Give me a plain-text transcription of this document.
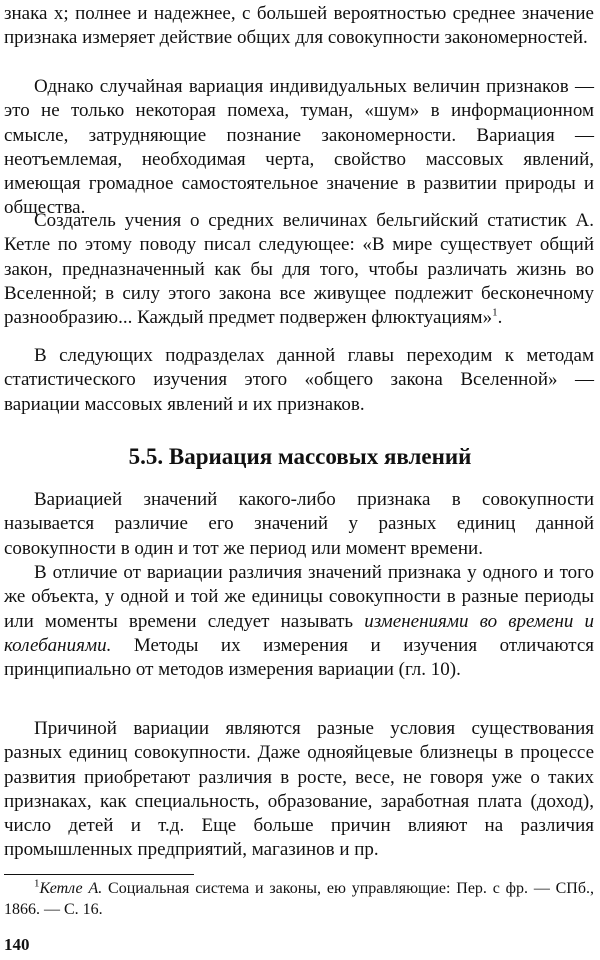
знака x; полнее и надежнее, с большей вероятностью среднее значение признака измеряет действие общих для совокупности закономерностей.

Однако случайная вариация индивидуальных величин признаков — это не только некоторая помеха, туман, «шум» в информационном смысле, затрудняющие познание закономерности. Вариация — неотъемлемая, необходимая черта, свойство массовых явлений, имеющая громадное самостоятельное значение в развитии природы и общества.

Создатель учения о средних величинах бельгийский статистик А. Кетле по этому поводу писал следующее: «В мире существует общий закон, предназначенный как бы для того, чтобы различать жизнь во Вселенной; в силу этого закона все живущее подлежит бесконечному разнообразию... Каждый предмет подвержен флюктуациям»$^1$.

В следующих подразделах данной главы переходим к методам статистического изучения этого «общего закона Вселенной» — вариации массовых явлений и их признаков.

5.5. Вариация массовых явлений

Вариацией значений какого-либо признака в совокупности называется различие его значений у разных единиц данной совокупности в один и тот же период или момент времени.

В отличие от вариации различия значений признака у одного и того же объекта, у одной и той же единицы совокупности в разные периоды или моменты времени следует называть изменениями во времени и колебаниями. Методы их измерения и изучения отличаются принципиально от методов измерения вариации (гл. 10).

Причиной вариации являются разные условия существования разных единиц совокупности. Даже однояйцевые близнецы в процессе развития приобретают различия в росте, весе, не говоря уже о таких признаках, как специальность, образование, заработная плата (доход), число детей и т.д. Еще больше причин влияют на различия промышленных предприятий, магазинов и пр.

$^1$Кетле А. Социальная система и законы, ею управляющие: Пер. с фр. — СПб., 1866. — С. 16.

140
